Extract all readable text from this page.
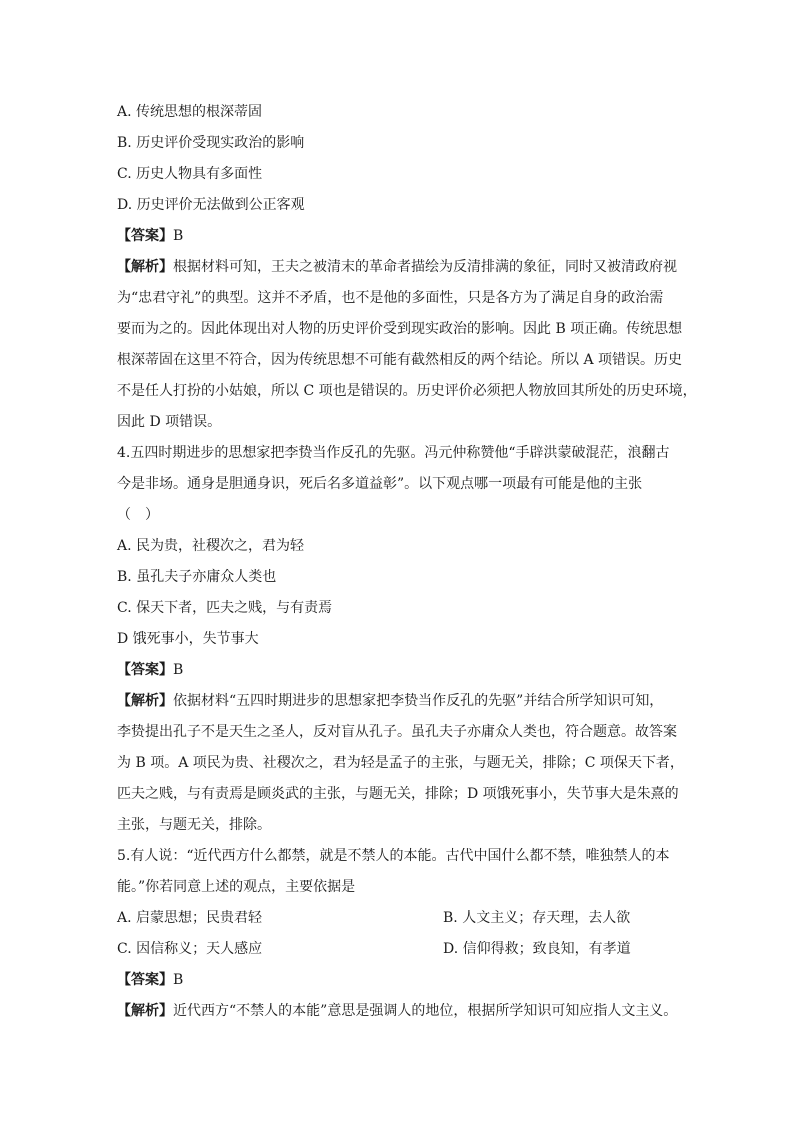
A. 传统思想的根深蒂固
B. 历史评价受现实政治的影响
C. 历史人物具有多面性
D. 历史评价无法做到公正客观
【答案】B
【解析】根据材料可知，王夫之被清末的革命者描绘为反清排满的象征，同时又被清政府视
为“忠君守礼”的典型。这并不矛盾，也不是他的多面性，只是各方为了满足自身的政治需
要而为之的。因此体现出对人物的历史评价受到现实政治的影响。因此 B 项正确。传统思想
根深蒂固在这里不符合，因为传统思想不可能有截然相反的两个结论。所以 A 项错误。历史
不是任人打扮的小姑娘，所以 C 项也是错误的。历史评价必须把人物放回其所处的历史环境，
因此 D 项错误。
4.五四时期进步的思想家把李贽当作反孔的先驱。冯元仲称赞他“手辟洪蒙破混茫，浪翻古
今是非场。通身是胆通身识，死后名多道益彰”。以下观点哪一项最有可能是他的主张
（　）
A. 民为贵，社稷次之，君为轻
B. 虽孔夫子亦庸众人类也
C. 保天下者，匹夫之贱，与有责焉
D 饿死事小，失节事大
【答案】B
【解析】依据材料“五四时期进步的思想家把李贽当作反孔的先驱”并结合所学知识可知，
李贽提出孔子不是天生之圣人，反对盲从孔子。虽孔夫子亦庸众人类也，符合题意。故答案
为 B 项。A 项民为贵、社稷次之，君为轻是孟子的主张，与题无关，排除；C 项保天下者，
匹夫之贱，与有责焉是顾炎武的主张，与题无关，排除；D 项饿死事小，失节事大是朱熹的
主张，与题无关，排除。
5.有人说：“近代西方什么都禁，就是不禁人的本能。古代中国什么都不禁，唯独禁人的本
能。”你若同意上述的观点，主要依据是
A. 启蒙思想；民贵君轻	B. 人文主义；存天理，去人欲
C. 因信称义；天人感应	D. 信仰得救；致良知，有孝道
【答案】B
【解析】近代西方“不禁人的本能”意思是强调人的地位，根据所学知识可知应指人文主义。
